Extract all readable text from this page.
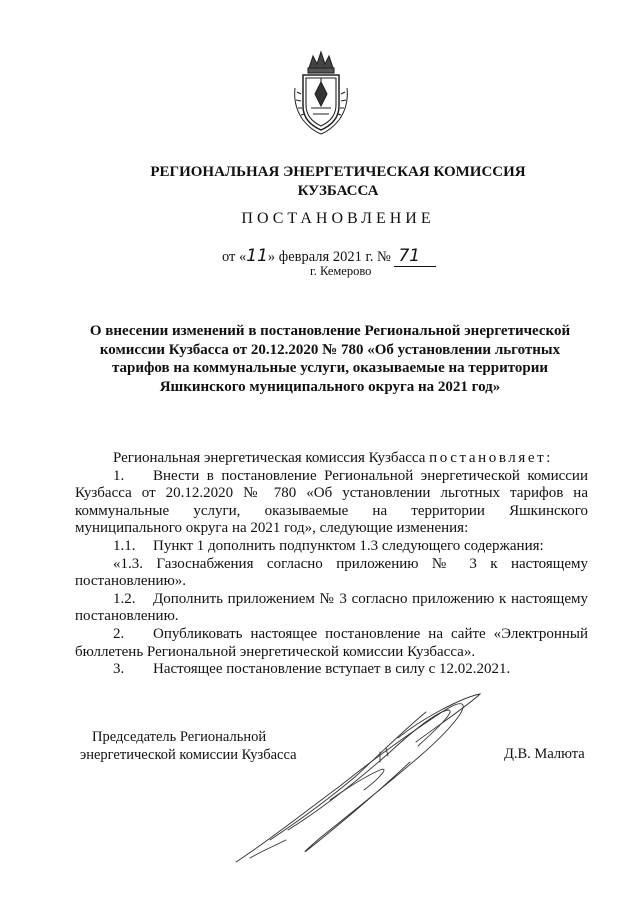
РЕГИОНАЛЬНАЯ ЭНЕРГЕТИЧЕСКАЯ КОМИССИЯ
КУЗБАССА
ПОСТАНОВЛЕНИЕ
от «11» февраля 2021 г. № 71
г. Кемерово
О внесении изменений в постановление Региональной энергетической комиссии Кузбасса от 20.12.2020 № 780 «Об установлении льготных тарифов на коммунальные услуги, оказываемые на территории Яшкинского муниципального округа на 2021 год»

Региональная энергетическая комиссия Кузбасса постановляет:

1. Внести в постановление Региональной энергетической комиссии Кузбасса от 20.12.2020 № 780 «Об установлении льготных тарифов на коммунальные услуги, оказываемые на территории Яшкинского муниципального округа на 2021 год», следующие изменения:

1.1. Пункт 1 дополнить подпунктом 1.3 следующего содержания:

«1.3. Газоснабжения согласно приложению № 3 к настоящему постановлению».

1.2. Дополнить приложением № 3 согласно приложению к настоящему постановлению.

2. Опубликовать настоящее постановление на сайте «Электронный бюллетень Региональной энергетической комиссии Кузбасса».

3. Настоящее постановление вступает в силу с 12.02.2021.

Председатель Региональной
энергетической комиссии Кузбасса	Д.В. Малюта
